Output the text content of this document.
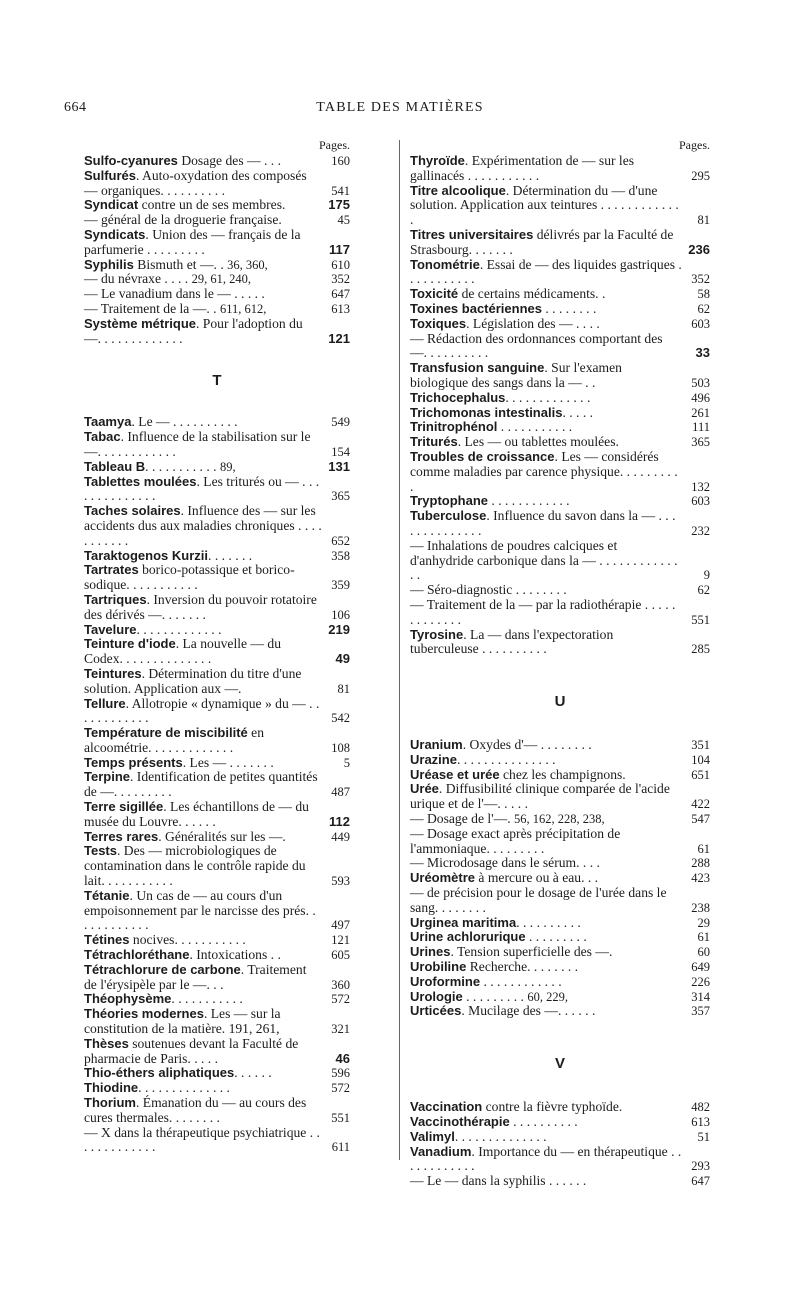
664	TABLE DES MATIÈRES
Pages.
Sulfo-cyanures Dosage des — . . .	160
Sulfurés. Auto-oxydation des composés — organiques. . . . . . . . . .	541
Syndicat contre un de ses membres.	175
— général de la droguerie française.	45
Syndicats. Union des — français de la parfumerie . . . . . . . . .	117
Syphilis Bismuth et —. . 36, 360,	610
— du névraxe . . . . 29, 61, 240,	352
— Le vanadium dans le — . . . . .	647
— Traitement de la —. . 611, 612,	613
Système métrique. Pour l'adoption du —. . . . . . . . . . . . .	121
T
Taamya. Le — . . . . . . . . . .	549
Tabac. Influence de la stabilisation sur le —. . . . . . . . . . . .	154
Tableau B. . . . . . . . . . . 89,	131
Tablettes moulées. Les triturés ou — . . . . . . . . . . . . . .	365
Taches solaires. Influence des — sur les accidents dus aux maladies chroniques . . . . . . . . . . .	652
Taraktogenos Kurzii. . . . . . .	358
Tartrates borico-potassique et borico-sodique. . . . . . . . . . .	359
Tartriques. Inversion du pouvoir rotatoire des dérivés —. . . . . . .	106
Tavelure. . . . . . . . . . . . .	219
Teinture d'iode. La nouvelle — du Codex. . . . . . . . . . . . . .	49
Teintures. Détermination du titre d'une solution. Application aux —.	81
Tellure. Allotropie « dynamique » du — . . . . . . . . . . . .	542
Température de miscibilité en alcoométrie. . . . . . . . . . . . .	108
Temps présents. Les — . . . . . . .	5
Terpine. Identification de petites quantités de —. . . . . . . . .	487
Terre sigillée. Les échantillons de — du musée du Louvre. . . . . .	112
Terres rares. Généralités sur les —.	449
Tests. Des — microbiologiques de contamination dans le contrôle rapide du lait. . . . . . . . . . .	593
Tétanie. Un cas de — au cours d'un empoisonnement par le narcisse des prés. . . . . . . . . . . .	497
Tétines nocives. . . . . . . . . . .	121
Tétrachloréthane. Intoxications . .	605
Tétrachlorure de carbone. Traitement de l'érysipèle par le —. . .	360
Théophysème. . . . . . . . . . .	572
Théories modernes. Les — sur la constitution de la matière. 191, 261,	321
Thèses soutenues devant la Faculté de pharmacie de Paris. . . . .	46
Thio-éthers aliphatiques. . . . . .	596
Thiodine. . . . . . . . . . . . . .	572
Thorium. Émanation du — au cours des cures thermales. . . . . . . .	551
— X dans la thérapeutique psychiatrique . . . . . . . . . . . . .	611
Pages.
Thyroïde. Expérimentation de — sur les gallinacés . . . . . . . . . . .	295
Titre alcoolique. Détermination du — d'une solution. Application aux teintures . . . . . . . . . . . . .	81
Titres universitaires délivrés par la Faculté de Strasbourg. . . . . . .	236
Tonométrie. Essai de — des liquides gastriques . . . . . . . . . . .	352
Toxicité de certains médicaments. .	58
Toxines bactériennes . . . . . . . .	62
Toxiques. Législation des — . . . .	603
— Rédaction des ordonnances comportant des —. . . . . . . . . .	33
Transfusion sanguine. Sur l'examen biologique des sangs dans la — . .	503
Trichocephalus. . . . . . . . . . . . .	496
Trichomonas intestinalis. . . . .	261
Trinitrophénol . . . . . . . . . . .	111
Triturés. Les — ou tablettes moulées.	365
Troubles de croissance. Les — considérés comme maladies par carence physique. . . . . . . . . .	132
Tryptophane . . . . . . . . . . . .	603
Tuberculose. Influence du savon dans la — . . . . . . . . . . . . . .	232
— Inhalations de poudres calciques et d'anhydride carbonique dans la — . . . . . . . . . . . . . .	9
— Séro-diagnostic . . . . . . . .	62
— Traitement de la — par la radiothérapie . . . . . . . . . . . . .	551
Tyrosine. La — dans l'expectoration tuberculeuse . . . . . . . . . .	285
U
Uranium. Oxydes d'— . . . . . . . .	351
Urazine. . . . . . . . . . . . . . .	104
Uréase et urée chez les champignons.	651
Urée. Diffusibilité clinique comparée de l'acide urique et de l'—. . . . .	422
— Dosage de l'—. 56, 162, 228, 238,	547
— Dosage exact après précipitation de l'ammoniaque. . . . . . . . .	61
— Microdosage dans le sérum. . . .	288
Uréomètre à mercure ou à eau. . .	423
— de précision pour le dosage de l'urée dans le sang. . . . . . . .	238
Urginea maritima. . . . . . . . . .	29
Urine achlorurique . . . . . . . . .	61
Urines. Tension superficielle des —.	60
Urobiline Recherche. . . . . . . .	649
Uroformine . . . . . . . . . . . .	226
Urologie . . . . . . . . . 60, 229,	314
Urticées. Mucilage des —. . . . . .	357
V
Vaccination contre la fièvre typhoïde.	482
Vaccinothérapie . . . . . . . . . .	613
Valimyl. . . . . . . . . . . . . .	51
Vanadium. Importance du — en thérapeutique . . . . . . . . . . . .	293
— Le — dans la syphilis . . . . . .	647
